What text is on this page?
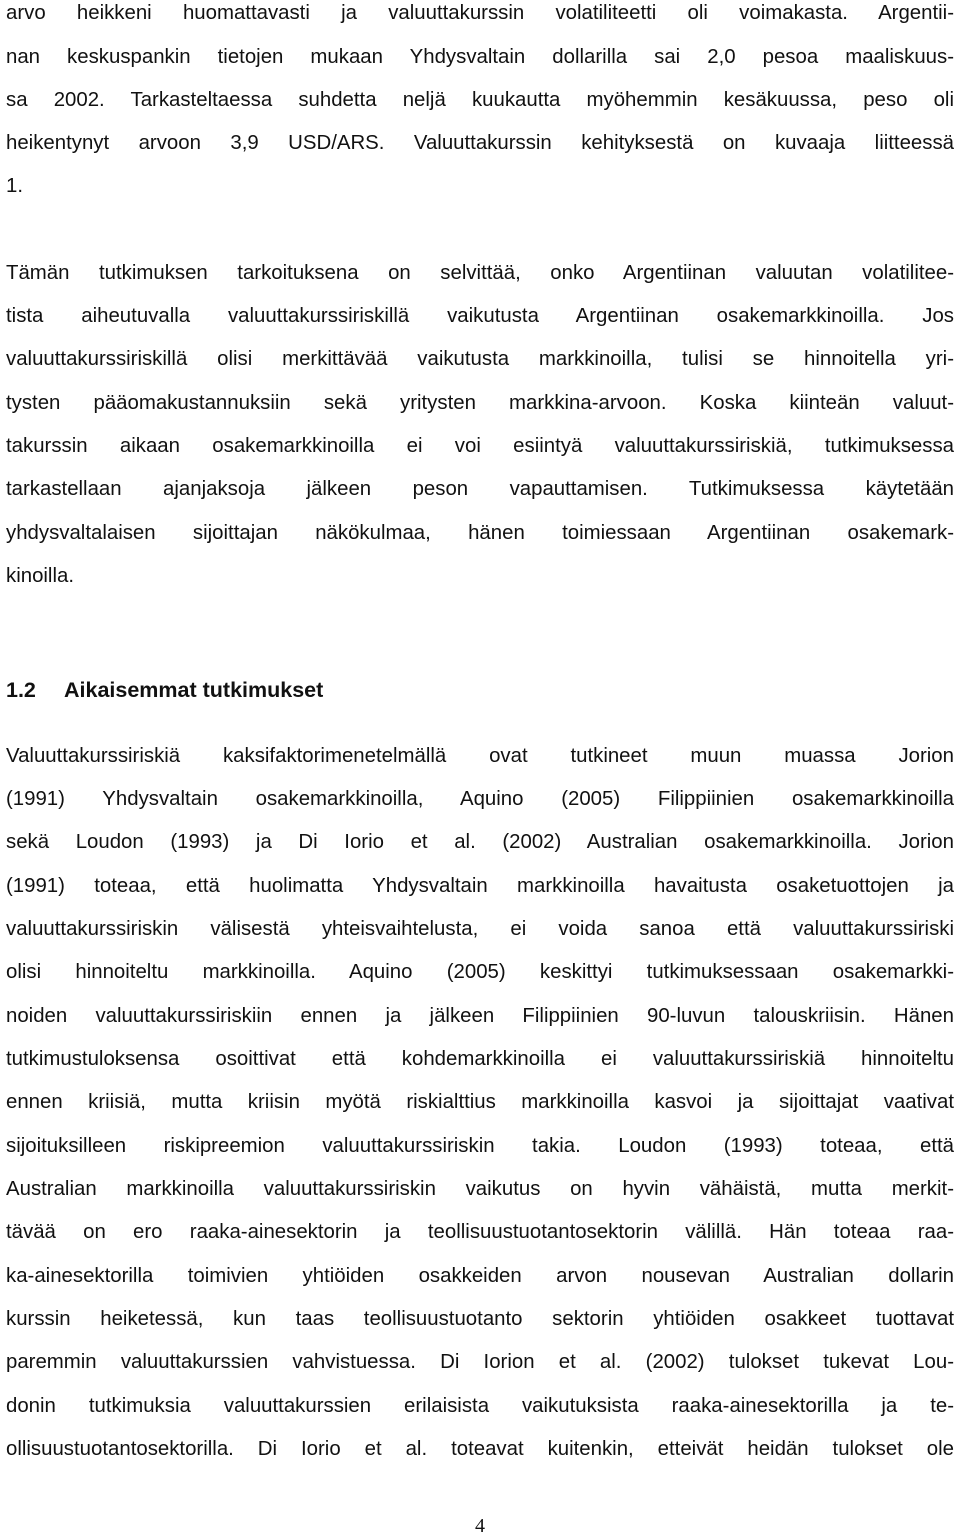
arvo heikkeni huomattavasti ja valuuttakurssin volatiliteetti oli voimakasta. Argentii-

nan keskuspankin tietojen mukaan Yhdysvaltain dollarilla sai 2,0 pesoa maaliskuus-

sa 2002. Tarkasteltaessa suhdetta neljä kuukautta myöhemmin kesäkuussa, peso oli

heikentynyt arvoon 3,9 USD/ARS. Valuuttakurssin kehityksestä on kuvaaja liitteessä

1.

Tämän tutkimuksen tarkoituksena on selvittää, onko Argentiinan valuutan volatilitee-

tista aiheutuvalla valuuttakurssiriskillä vaikutusta Argentiinan osakemarkkinoilla. Jos

valuuttakurssiriskillä olisi merkittävää vaikutusta markkinoilla, tulisi se hinnoitella yri-

tysten pääomakustannuksiin sekä yritysten markkina-arvoon. Koska kiinteän valuut-

takurssin aikaan osakemarkkinoilla ei voi esiintyä valuuttakurssiriskiä, tutkimuksessa

tarkastellaan ajanjaksoja jälkeen peson vapauttamisen. Tutkimuksessa käytetään

yhdysvaltalaisen sijoittajan näkökulmaa, hänen toimiessaan Argentiinan osakemark-

kinoilla.

1.2 Aikaisemmat tutkimukset

Valuuttakurssiriskiä kaksifaktorimenetelmällä ovat tutkineet muun muassa Jorion

(1991) Yhdysvaltain osakemarkkinoilla, Aquino (2005) Filippiinien osakemarkkinoilla

sekä Loudon (1993) ja Di Iorio et al. (2002) Australian osakemarkkinoilla. Jorion

(1991) toteaa, että huolimatta Yhdysvaltain markkinoilla havaitusta osaketuottojen ja

valuuttakurssiriskin välisestä yhteisvaihtelusta, ei voida sanoa että valuuttakurssiriski

olisi hinnoiteltu markkinoilla. Aquino (2005) keskittyi tutkimuksessaan osakemarkki-

noiden valuuttakurssiriskiin ennen ja jälkeen Filippiinien 90-luvun talouskriisin. Hänen

tutkimustuloksensa osoittivat että kohdemarkkinoilla ei valuuttakurssiriskiä hinnoiteltu

ennen kriisiä, mutta kriisin myötä riskialttius markkinoilla kasvoi ja sijoittajat vaativat

sijoituksilleen riskipreemion valuuttakurssiriskin takia. Loudon (1993) toteaa, että

Australian markkinoilla valuuttakurssiriskin vaikutus on hyvin vähäistä, mutta merkit-

tävää on ero raaka-ainesektorin ja teollisuustuotantosektorin välillä. Hän toteaa raa-

ka-ainesektorilla toimivien yhtiöiden osakkeiden arvon nousevan Australian dollarin

kurssin heiketessä, kun taas teollisuustuotanto sektorin yhtiöiden osakkeet tuottavat

paremmin valuuttakurssien vahvistuessa. Di Iorion et al. (2002) tulokset tukevat Lou-

donin tutkimuksia valuuttakurssien erilaisista vaikutuksista raaka-ainesektorilla ja te-

ollisuustuotantosektorilla. Di Iorio et al. toteavat kuitenkin, etteivät heidän tulokset ole

4
